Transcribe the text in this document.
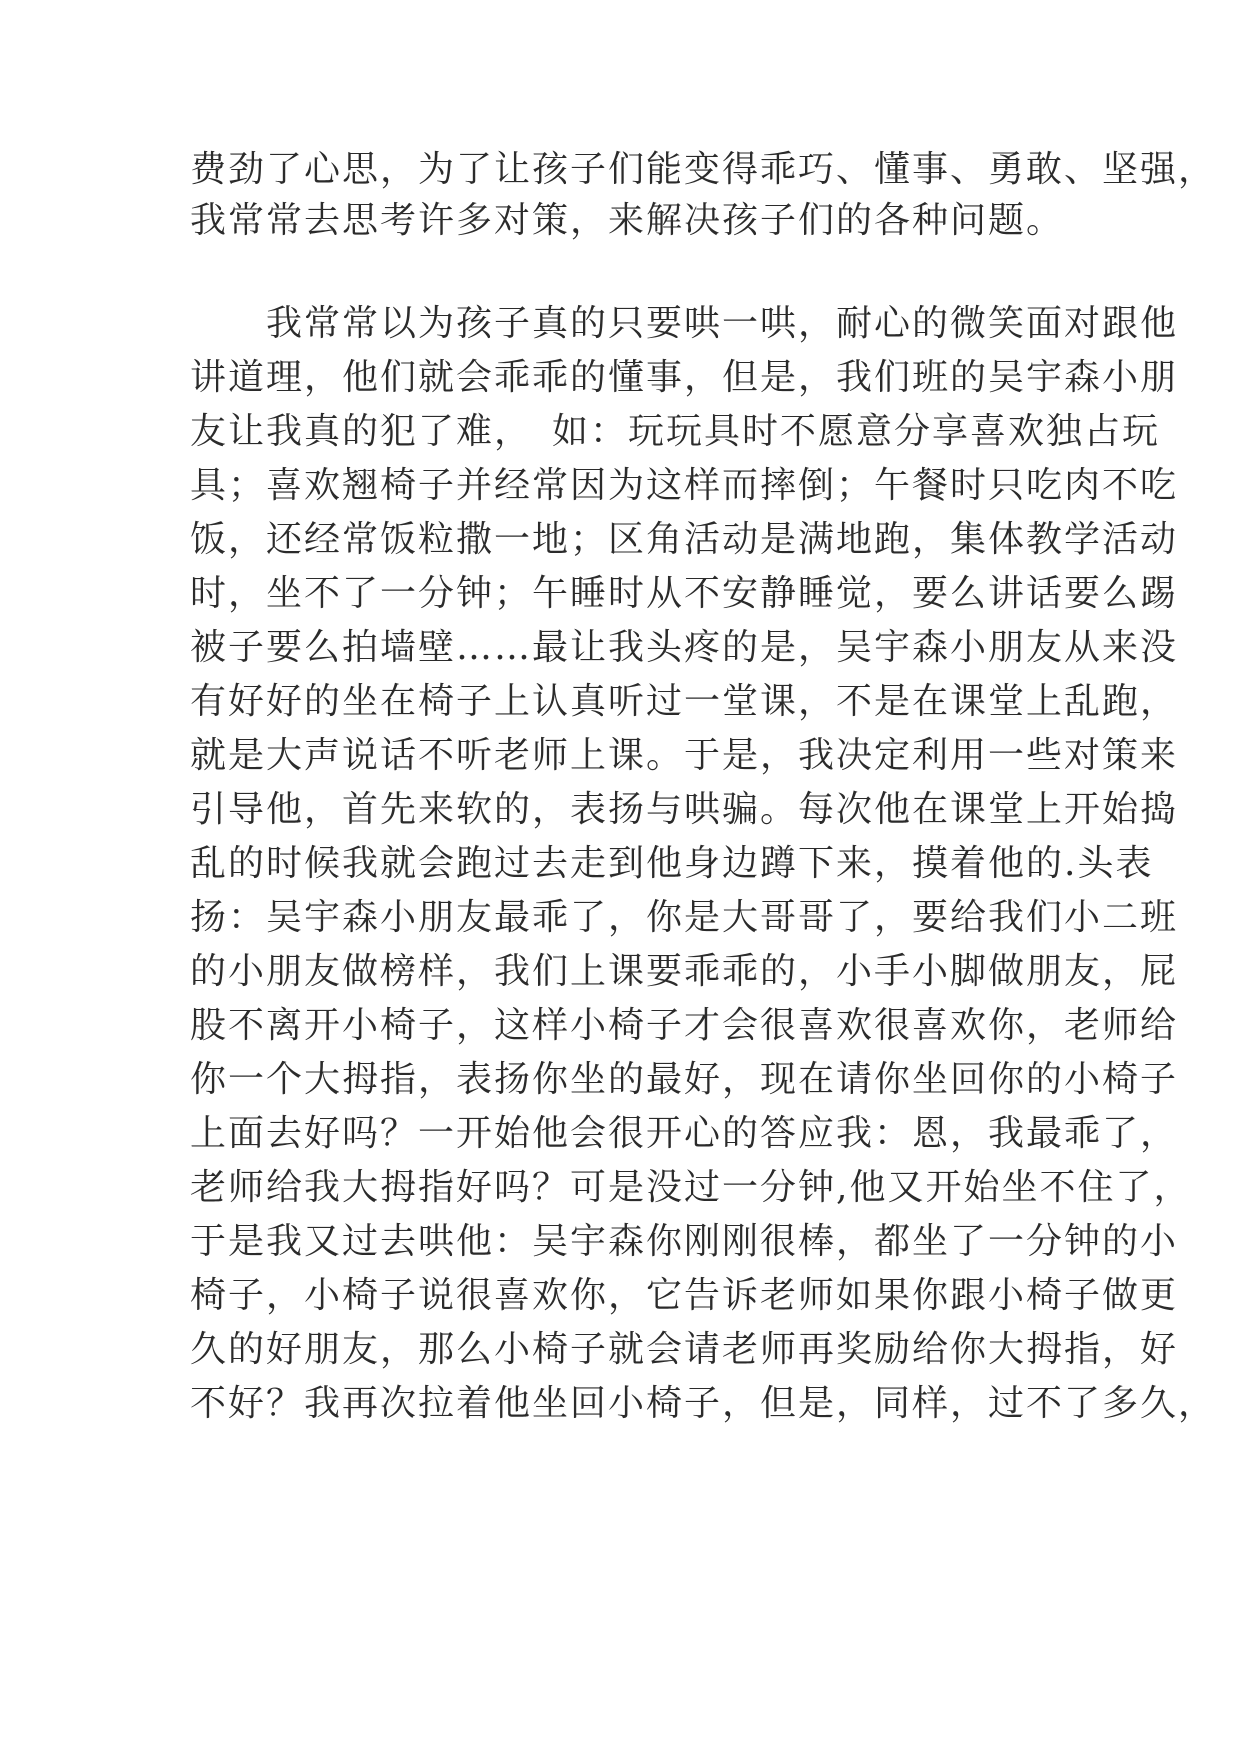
费劲了心思，为了让孩子们能变得乖巧、懂事、勇敢、坚强，
我常常去思考许多对策，来解决孩子们的各种问题。
　　我常常以为孩子真的只要哄一哄，耐心的微笑面对跟他
讲道理，他们就会乖乖的懂事，但是，我们班的吴宇森小朋
友让我真的犯了难，　如：玩玩具时不愿意分享喜欢独占玩
具；喜欢翘椅子并经常因为这样而摔倒；午餐时只吃肉不吃
饭，还经常饭粒撒一地；区角活动是满地跑，集体教学活动
时，坐不了一分钟；午睡时从不安静睡觉，要么讲话要么踢
被子要么拍墙壁……最让我头疼的是，吴宇森小朋友从来没
有好好的坐在椅子上认真听过一堂课，不是在课堂上乱跑，
就是大声说话不听老师上课。于是，我决定利用一些对策来
引导他，首先来软的，表扬与哄骗。每次他在课堂上开始捣
乱的时候我就会跑过去走到他身边蹲下来，摸着他的.头表
扬：吴宇森小朋友最乖了，你是大哥哥了，要给我们小二班
的小朋友做榜样，我们上课要乖乖的，小手小脚做朋友，屁
股不离开小椅子，这样小椅子才会很喜欢很喜欢你，老师给
你一个大拇指，表扬你坐的最好，现在请你坐回你的小椅子
上面去好吗？一开始他会很开心的答应我：恩，我最乖了，
老师给我大拇指好吗？可是没过一分钟,他又开始坐不住了，
于是我又过去哄他：吴宇森你刚刚很棒，都坐了一分钟的小
椅子，小椅子说很喜欢你，它告诉老师如果你跟小椅子做更
久的好朋友，那么小椅子就会请老师再奖励给你大拇指，好
不好？我再次拉着他坐回小椅子，但是，同样，过不了多久，
